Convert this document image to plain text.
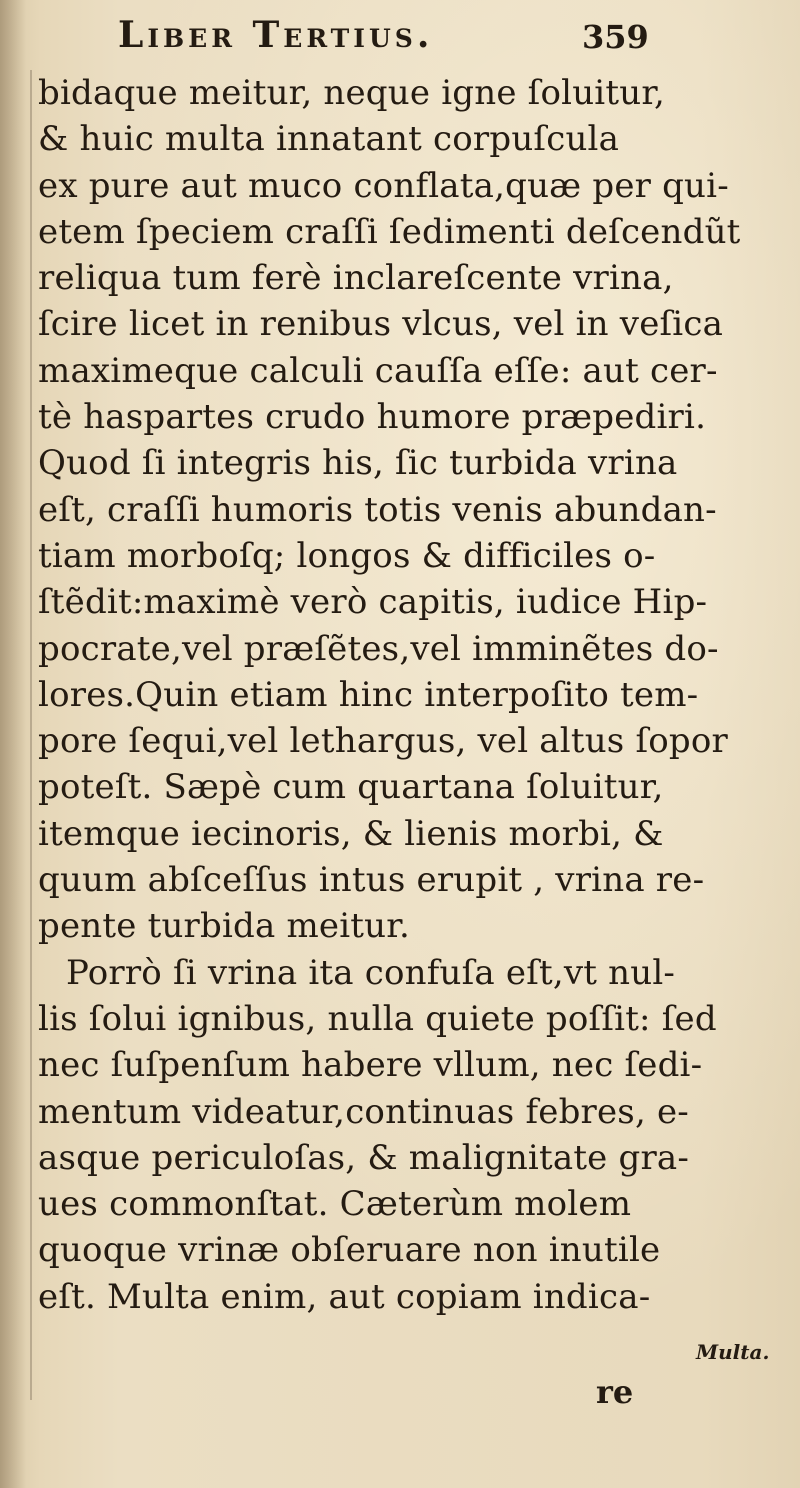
Liber Tertius.	359
bidaque meitur, neque igne ſoluitur,
& huic multa innatant corpuſcula
ex pure aut muco conflata,quæ per qui-
etem ſpeciem craſſi ſedimenti deſcendũt
reliqua tum ferè inclareſcente vrina,
ſcire licet in renibus vlcus, vel in veſica
maximeque calculi cauſſa eſſe: aut cer-
tè haspartes crudo humore præpediri.
Quod ſi integris his, ſic turbida vrina
eſt, craſſi humoris totis venis abundan-
tiam morboſq; longos & difficiles o-
ſtẽdit:maximè verò capitis, iudice Hip-
pocrate,vel præſẽtes,vel imminẽtes do-
lores.Quin etiam hinc interpoſito tem-
pore ſequi,vel lethargus, vel altus ſopor
poteſt. Sæpè cum quartana ſoluitur,
itemque iecinoris, & lienis morbi, &
quum abſceſſus intus erupit , vrina re-
pente turbida meitur.
Porrò ſi vrina ita confuſa eſt,vt nul-
lis ſolui ignibus, nulla quiete poſſit: ſed
nec ſuſpenſum habere vllum, nec ſedi-
mentum videatur,continuas febres, e-
asque periculoſas, & malignitate gra-
ues commonſtat. Cæterùm molem
quoque vrinæ obſeruare non inutile
eſt. Multa enim, aut copiam indica-
Multa.
re
